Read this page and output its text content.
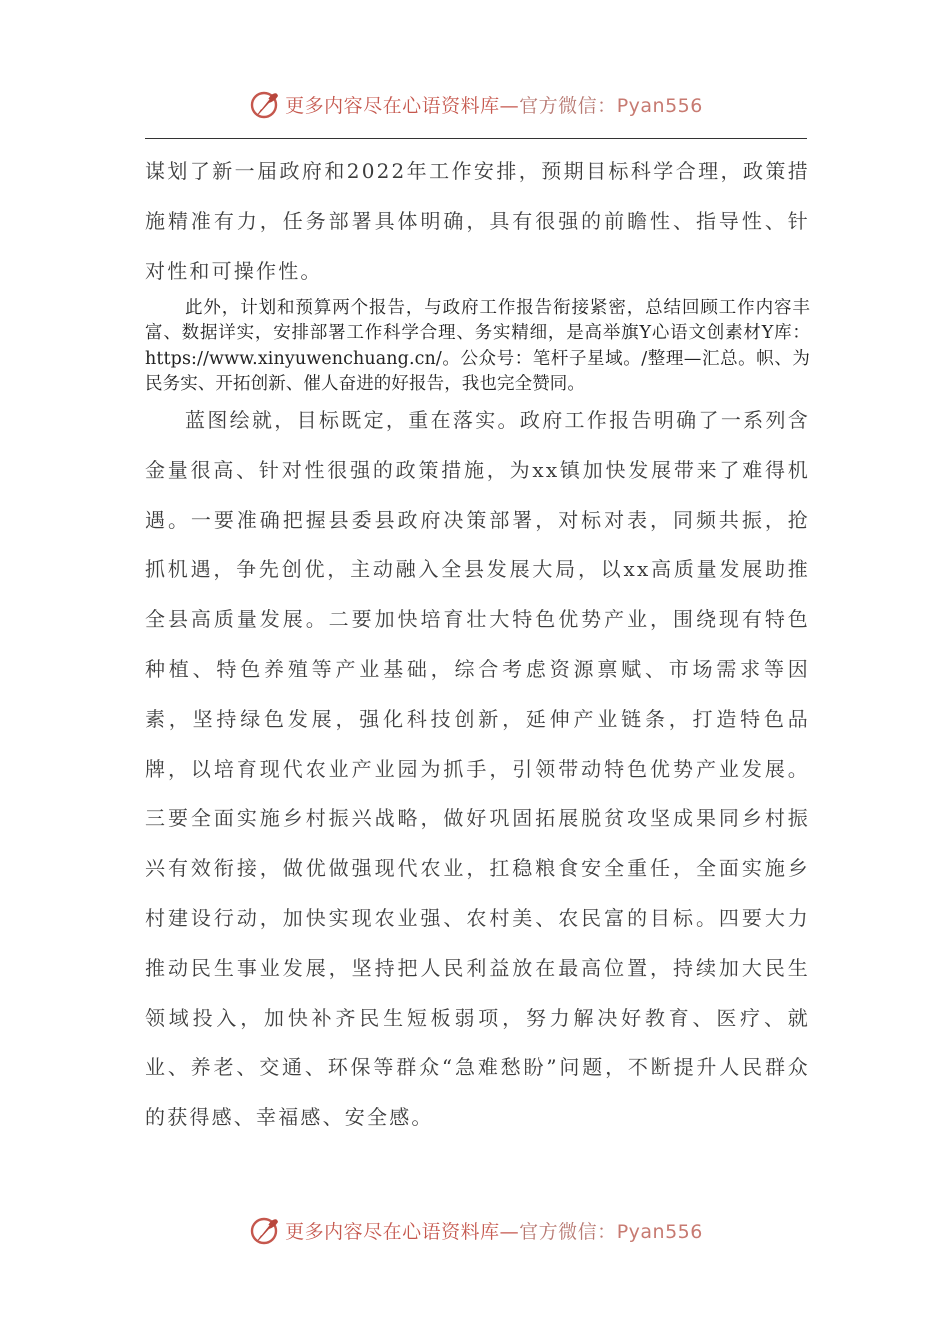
更多内容尽在心语资料库—官方微信：Pyan556

谋划了新一届政府和2022年工作安排，预期目标科学合理，政策措施精准有力，任务部署具体明确，具有很强的前瞻性、指导性、针对性和可操作性。

此外，计划和预算两个报告，与政府工作报告衔接紧密，总结回顾工作内容丰富、数据详实，安排部署工作科学合理、务实精细，是高举旗Y心语文创素材Y库：https://www.xinyuwenchuang.cn/。公众号：笔杆子星域。/整理—汇总。帜、为民务实、开拓创新、催人奋进的好报告，我也完全赞同。

蓝图绘就，目标既定，重在落实。政府工作报告明确了一系列含金量很高、针对性很强的政策措施，为xx镇加快发展带来了难得机遇。一要准确把握县委县政府决策部署，对标对表，同频共振，抢抓机遇，争先创优，主动融入全县发展大局，以xx高质量发展助推全县高质量发展。二要加快培育壮大特色优势产业，围绕现有特色种植、特色养殖等产业基础，综合考虑资源禀赋、市场需求等因素，坚持绿色发展，强化科技创新，延伸产业链条，打造特色品牌，以培育现代农业产业园为抓手，引领带动特色优势产业发展。三要全面实施乡村振兴战略，做好巩固拓展脱贫攻坚成果同乡村振兴有效衔接，做优做强现代农业，扛稳粮食安全重任，全面实施乡村建设行动，加快实现农业强、农村美、农民富的目标。四要大力推动民生事业发展，坚持把人民利益放在最高位置，持续加大民生领域投入，加快补齐民生短板弱项，努力解决好教育、医疗、就业、养老、交通、环保等群众“急难愁盼”问题，不断提升人民群众的获得感、幸福感、安全感。

更多内容尽在心语资料库—官方微信：Pyan556
